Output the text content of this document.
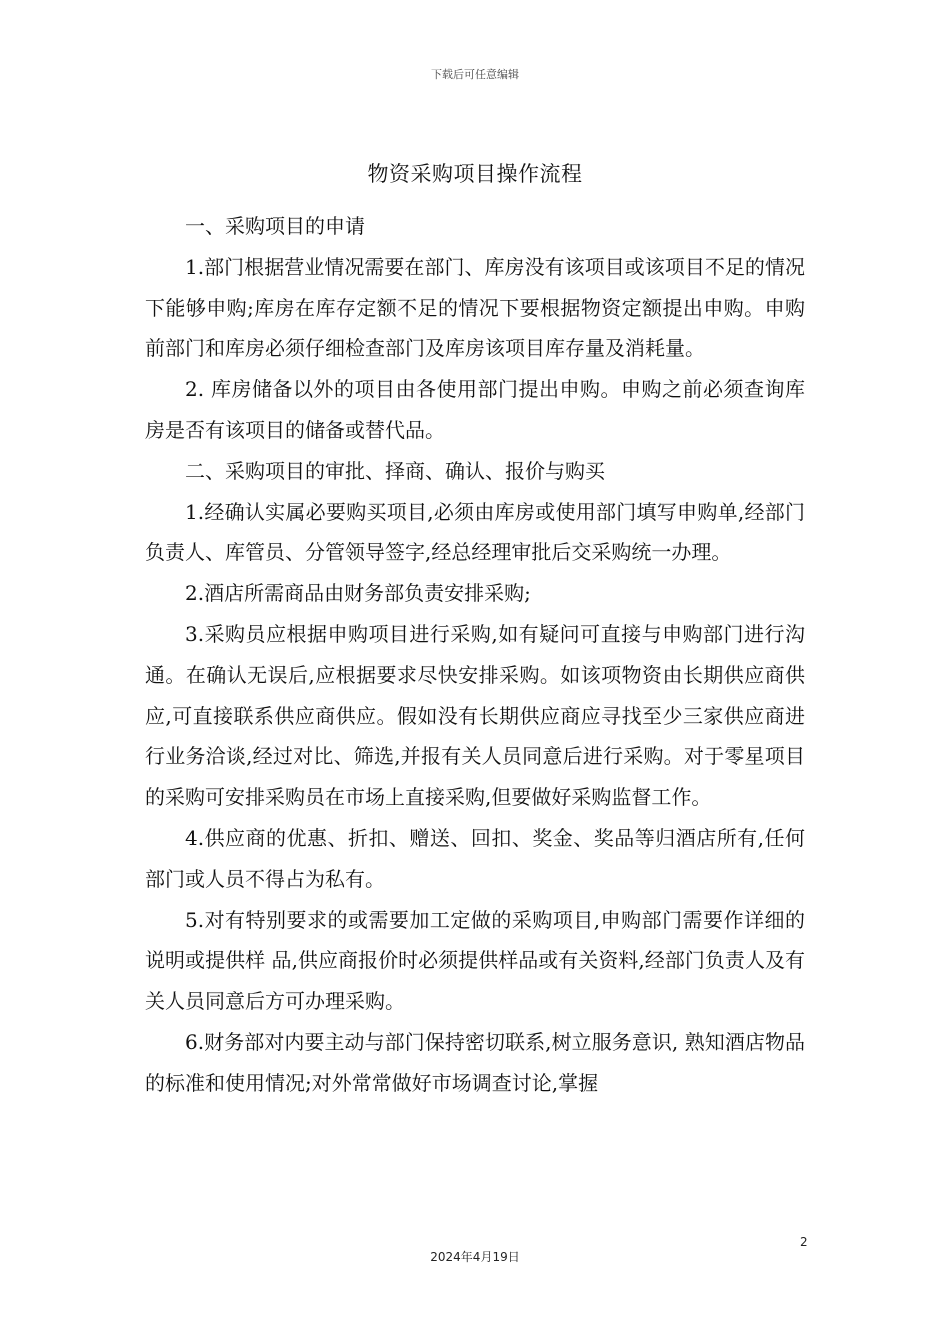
下载后可任意编辑
物资采购项目操作流程

一、采购项目的申请

1.部门根据营业情况需要在部门、库房没有该项目或该项目不足的情况下能够申购;库房在库存定额不足的情况下要根据物资定额提出申购。申购前部门和库房必须仔细检查部门及库房该项目库存量及消耗量。

2. 库房储备以外的项目由各使用部门提出申购。申购之前必须查询库房是否有该项目的储备或替代品。

二、采购项目的审批、择商、确认、报价与购买

1.经确认实属必要购买项目,必须由库房或使用部门填写申购单,经部门负责人、库管员、分管领导签字,经总经理审批后交采购统一办理。

2.酒店所需商品由财务部负责安排采购;

3.采购员应根据申购项目进行采购,如有疑问可直接与申购部门进行沟通。在确认无误后,应根据要求尽快安排采购。如该项物资由长期供应商供应,可直接联系供应商供应。假如没有长期供应商应寻找至少三家供应商进行业务洽谈,经过对比、筛选,并报有关人员同意后进行采购。对于零星项目的采购可安排采购员在市场上直接采购,但要做好采购监督工作。

4.供应商的优惠、折扣、赠送、回扣、奖金、奖品等归酒店所有,任何部门或人员不得占为私有。

5.对有特别要求的或需要加工定做的采购项目,申购部门需要作详细的说明或提供样 品,供应商报价时必须提供样品或有关资料,经部门负责人及有关人员同意后方可办理采购。

6.财务部对内要主动与部门保持密切联系,树立服务意识, 熟知酒店物品的标准和使用情况;对外常常做好市场调查讨论,掌握

2
2024年4月19日
